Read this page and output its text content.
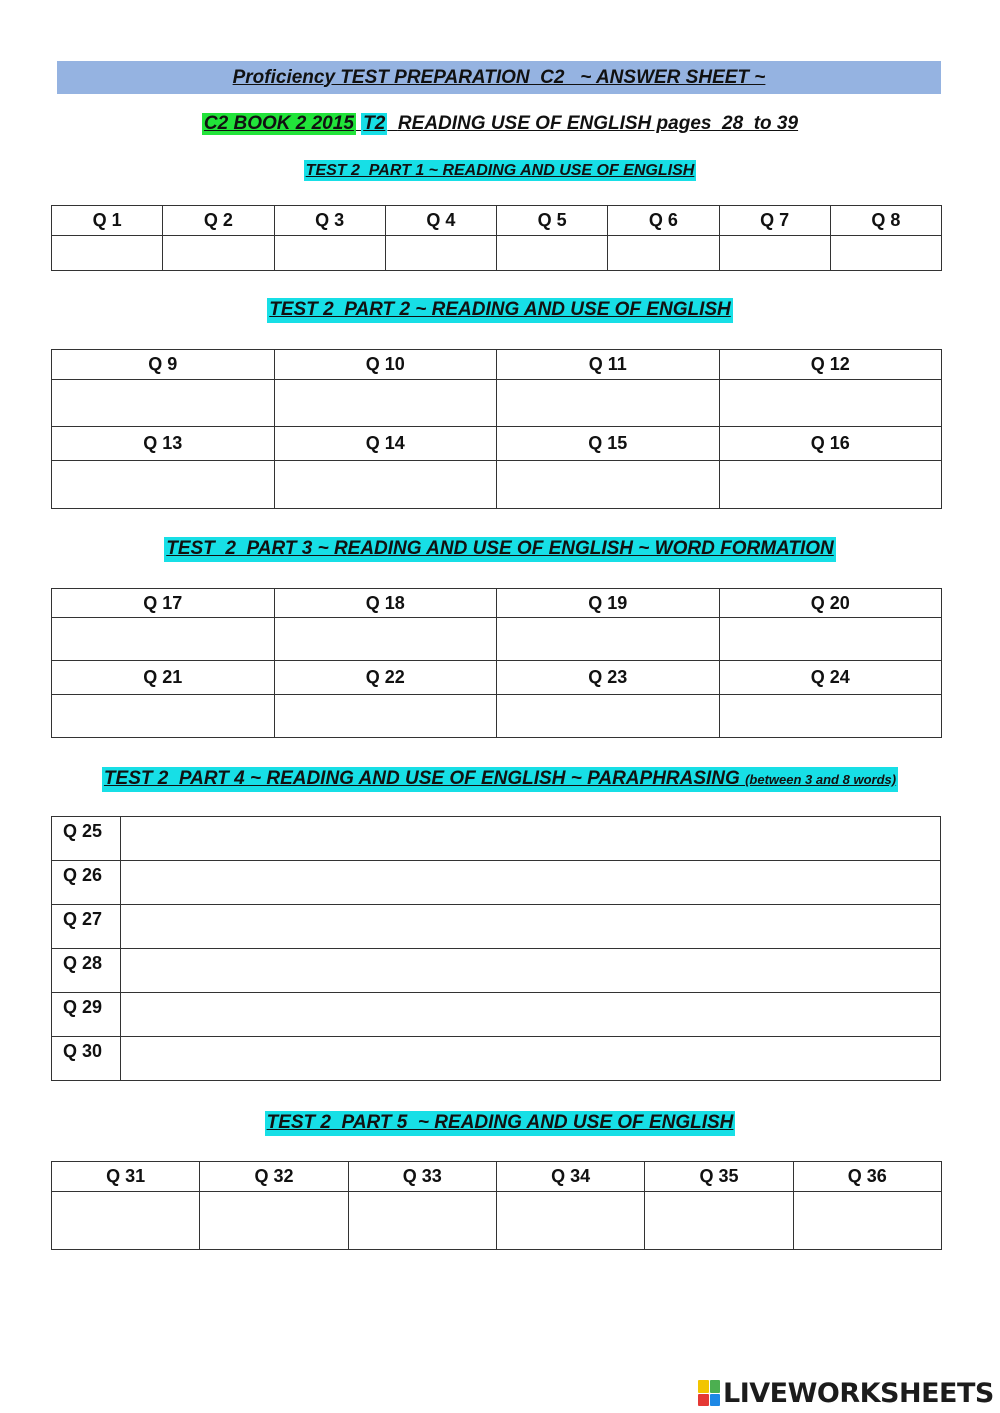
Proficiency TEST PREPARATION  C2   ~ ANSWER SHEET ~
C2 BOOK 2 2015
T2
READING USE OF ENGLISH pages  28  to 39
TEST 2  PART 1 ~ READING AND USE OF ENGLISH
Q 1	Q 2	Q 3	Q 4	Q 5	Q 6	Q 7	Q 8

TEST 2  PART 2 ~ READING AND USE OF ENGLISH
Q 9	Q 10	Q 11	Q 12

Q 13	Q 14	Q 15	Q 16

TEST  2  PART 3 ~ READING AND USE OF ENGLISH ~ WORD FORMATION
Q 17	Q 18	Q 19	Q 20

Q 21	Q 22	Q 23	Q 24

TEST 2  PART 4 ~ READING AND USE OF ENGLISH ~ PARAPHRASING (between 3 and 8 words)
Q 25	
Q 26	
Q 27	
Q 28	
Q 29	
Q 30	
TEST 2  PART 5  ~ READING AND USE OF ENGLISH
Q 31	Q 32	Q 33	Q 34	Q 35	Q 36

LIVEWORKSHEETS
